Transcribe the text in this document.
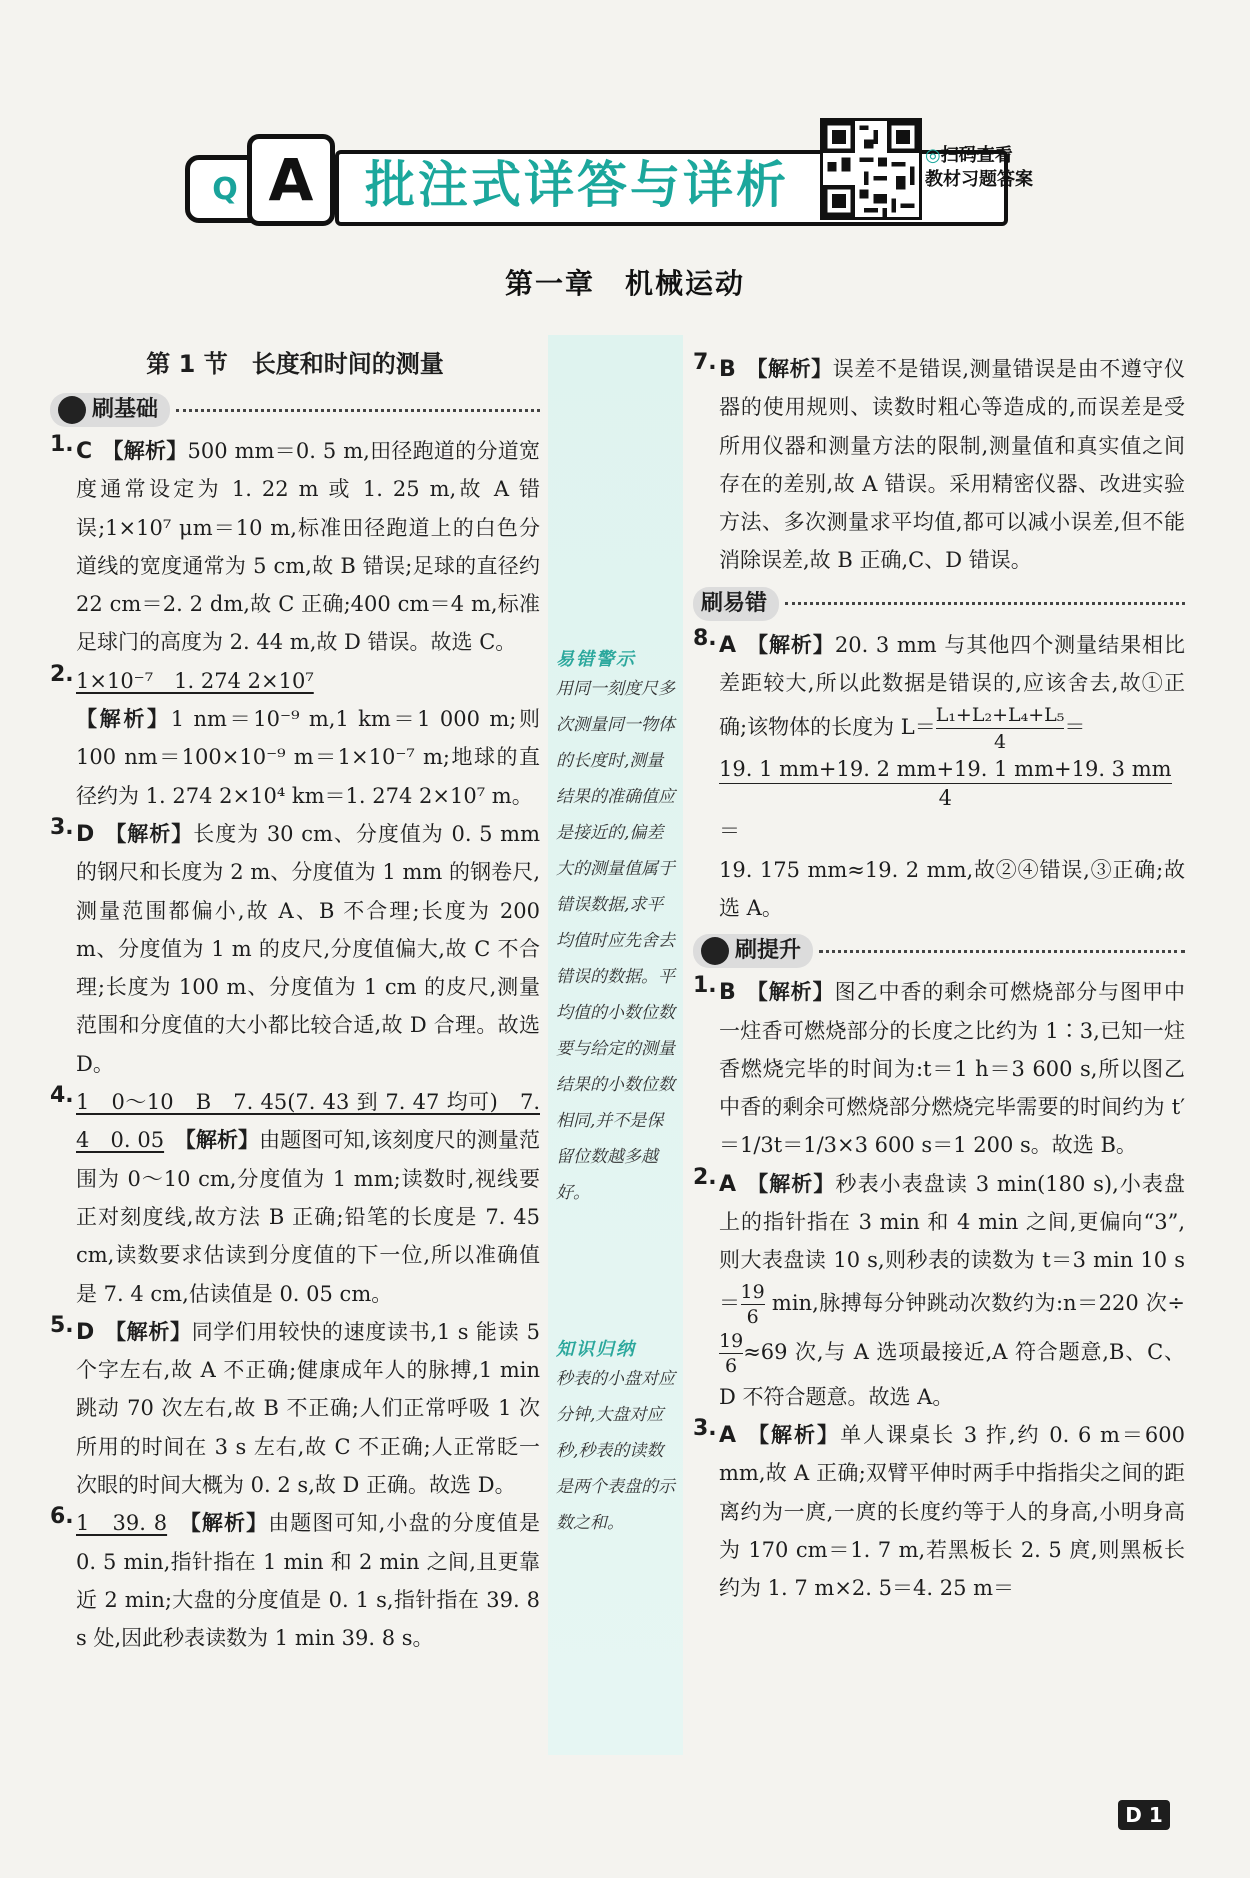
Q A	批注式详答与详析
◎扫码查看
教材习题答案
第一章　机械运动
易错警示
用同一刻度尺多次测量同一物体的长度时,测量结果的准确值应是接近的,偏差大的测量值属于错误数据,求平均值时应先舍去错误的数据。平均值的小数位数要与给定的测量结果的小数位数相同,并不是保留位数越多越好。
知识归纳
秒表的小盘对应分钟,大盘对应秒,秒表的读数是两个表盘的示数之和。
第 1 节　长度和时间的测量
刷基础
1. C 【解析】500 mm＝0. 5 m,田径跑道的分道宽度通常设定为 1. 22 m 或 1. 25 m,故 A 错误;1×10⁷ μm＝10 m,标准田径跑道上的白色分道线的宽度通常为 5 cm,故 B 错误;足球的直径约 22 cm＝2. 2 dm,故 C 正确;400 cm＝4 m,标准足球门的高度为 2. 44 m,故 D 错误。故选 C。

2. 1×10⁻⁷　1. 274 2×10⁷

【解析】1 nm＝10⁻⁹ m,1 km＝1 000 m;则 100 nm＝100×10⁻⁹ m＝1×10⁻⁷ m;地球的直径约为 1. 274 2×10⁴ km＝1. 274 2×10⁷ m。

3. D 【解析】长度为 30 cm、分度值为 0. 5 mm 的钢尺和长度为 2 m、分度值为 1 mm 的钢卷尺,测量范围都偏小,故 A、B 不合理;长度为 200 m、分度值为 1 m 的皮尺,分度值偏大,故 C 不合理;长度为 100 m、分度值为 1 cm 的皮尺,测量范围和分度值的大小都比较合适,故 D 合理。故选 D。

4. 1　0～10　B　7. 45(7. 43 到 7. 47 均可)　7. 4　0. 05　 【解析】由题图可知,该刻度尺的测量范围为 0～10 cm,分度值为 1 mm;读数时,视线要正对刻度线,故方法 B 正确;铅笔的长度是 7. 45 cm,读数要求估读到分度值的下一位,所以准确值是 7. 4 cm,估读值是 0. 05 cm。

5. D 【解析】同学们用较快的速度读书,1 s 能读 5 个字左右,故 A 不正确;健康成年人的脉搏,1 min 跳动 70 次左右,故 B 不正确;人们正常呼吸 1 次所用的时间在 3 s 左右,故 C 不正确;人正常眨一次眼的时间大概为 0. 2 s,故 D 正确。故选 D。

6. 1　39. 8　 【解析】由题图可知,小盘的分度值是 0. 5 min,指针指在 1 min 和 2 min 之间,且更靠近 2 min;大盘的分度值是 0. 1 s,指针指在 39. 8 s 处,因此秒表读数为 1 min 39. 8 s。

7. B 【解析】误差不是错误,测量错误是由不遵守仪器的使用规则、读数时粗心等造成的,而误差是受所用仪器和测量方法的限制,测量值和真实值之间存在的差别,故 A 错误。采用精密仪器、改进实验方法、多次测量求平均值,都可以减小误差,但不能消除误差,故 B 正确,C、D 错误。

刷易错
8. A 【解析】20. 3 mm 与其他四个测量结果相比差距较大,所以此数据是错误的,应该舍去,故①正确;该物体的长度为 $L= \frac{\text{L₁+L₂+L₄+L₅}}{4}$ ＝

$\frac{19. 1 mm+19. 2 mm+19. 1 mm+19. 3 mm}{4}$
＝

19. 175 mm≈19. 2 mm,故②④错误,③正确;故选 A。

刷提升
1. B 【解析】图乙中香的剩余可燃烧部分与图甲中一炷香可燃烧部分的长度之比约为 1∶3,已知一炷香燃烧完毕的时间为:t＝1 h＝3 600 s,所以图乙中香的剩余可燃烧部分燃烧完毕需要的时间约为 t′＝1/3t＝1/3×3 600 s＝1 200 s。故选 B。

2. A 【解析】秒表小表盘读 3 min(180 s),小表盘上的指针指在 3 min 和 4 min 之间,更偏向“3”,则大表盘读 10 s,则秒表的读数为 t＝3 min 10 $s= \frac{19}{6} \min$,脉搏每分钟跳动次数约为:n＝220 次÷
$\frac{19}{6} \approx 69$ 次,与 A 选项最接近,A 符合题意,B、C、D 不符合题意。故选 A。

3. A 【解析】单人课桌长 3 拃,约 0. 6 m＝600 mm,故 A 正确;双臂平伸时两手中指指尖之间的距离约为一庹,一庹的长度约等于人的身高,小明身高为 170 cm＝1. 7 m,若黑板长 2. 5 庹,则黑板长约为 1. 7 m×2. 5＝4. 25 m＝

D 1
